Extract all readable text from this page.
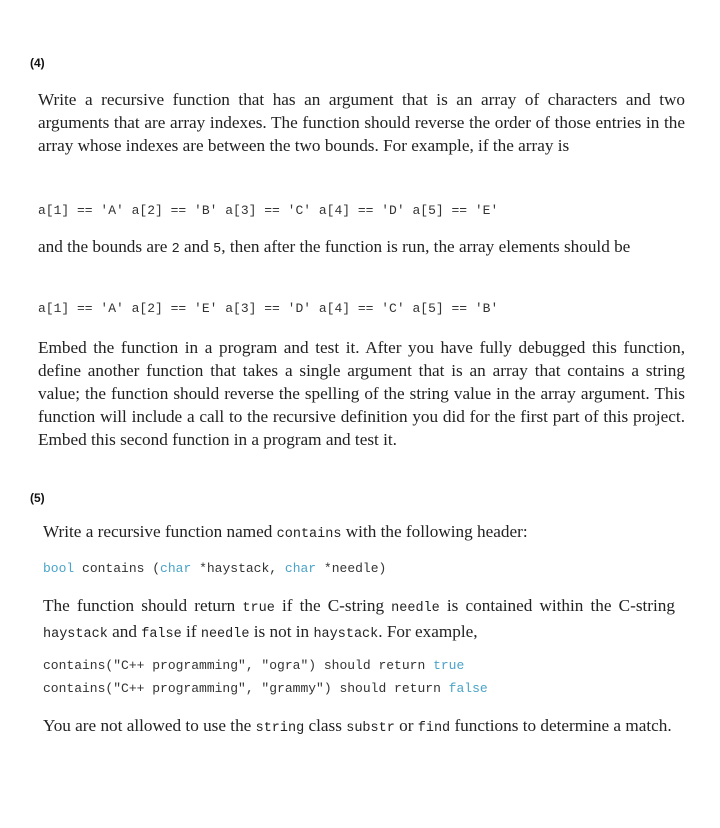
(4)

Write a recursive function that has an argument that is an array of characters and two arguments that are array indexes. The function should reverse the order of those entries in the array whose indexes are between the two bounds. For example, if the array is

a[1] == 'A' a[2] == 'B' a[3] == 'C' a[4] == 'D' a[5] == 'E'

and the bounds are 2 and 5, then after the function is run, the array elements should be

a[1] == 'A' a[2] == 'E' a[3] == 'D' a[4] == 'C' a[5] == 'B'

Embed the function in a program and test it. After you have fully debugged this function, define another function that takes a single argument that is an array that contains a string value; the function should reverse the spelling of the string value in the array argument. This function will include a call to the recursive definition you did for the first part of this project. Embed this second function in a program and test it.

(5)

Write a recursive function named contains with the following header:

bool contains (char *haystack, char *needle)

The function should return true if the C-string needle is contained within the C-string haystack and false if needle is not in haystack. For example,

contains("C++ programming", "ogra") should return true
contains("C++ programming", "grammy") should return false

You are not allowed to use the string class substr or find functions to determine a match.
